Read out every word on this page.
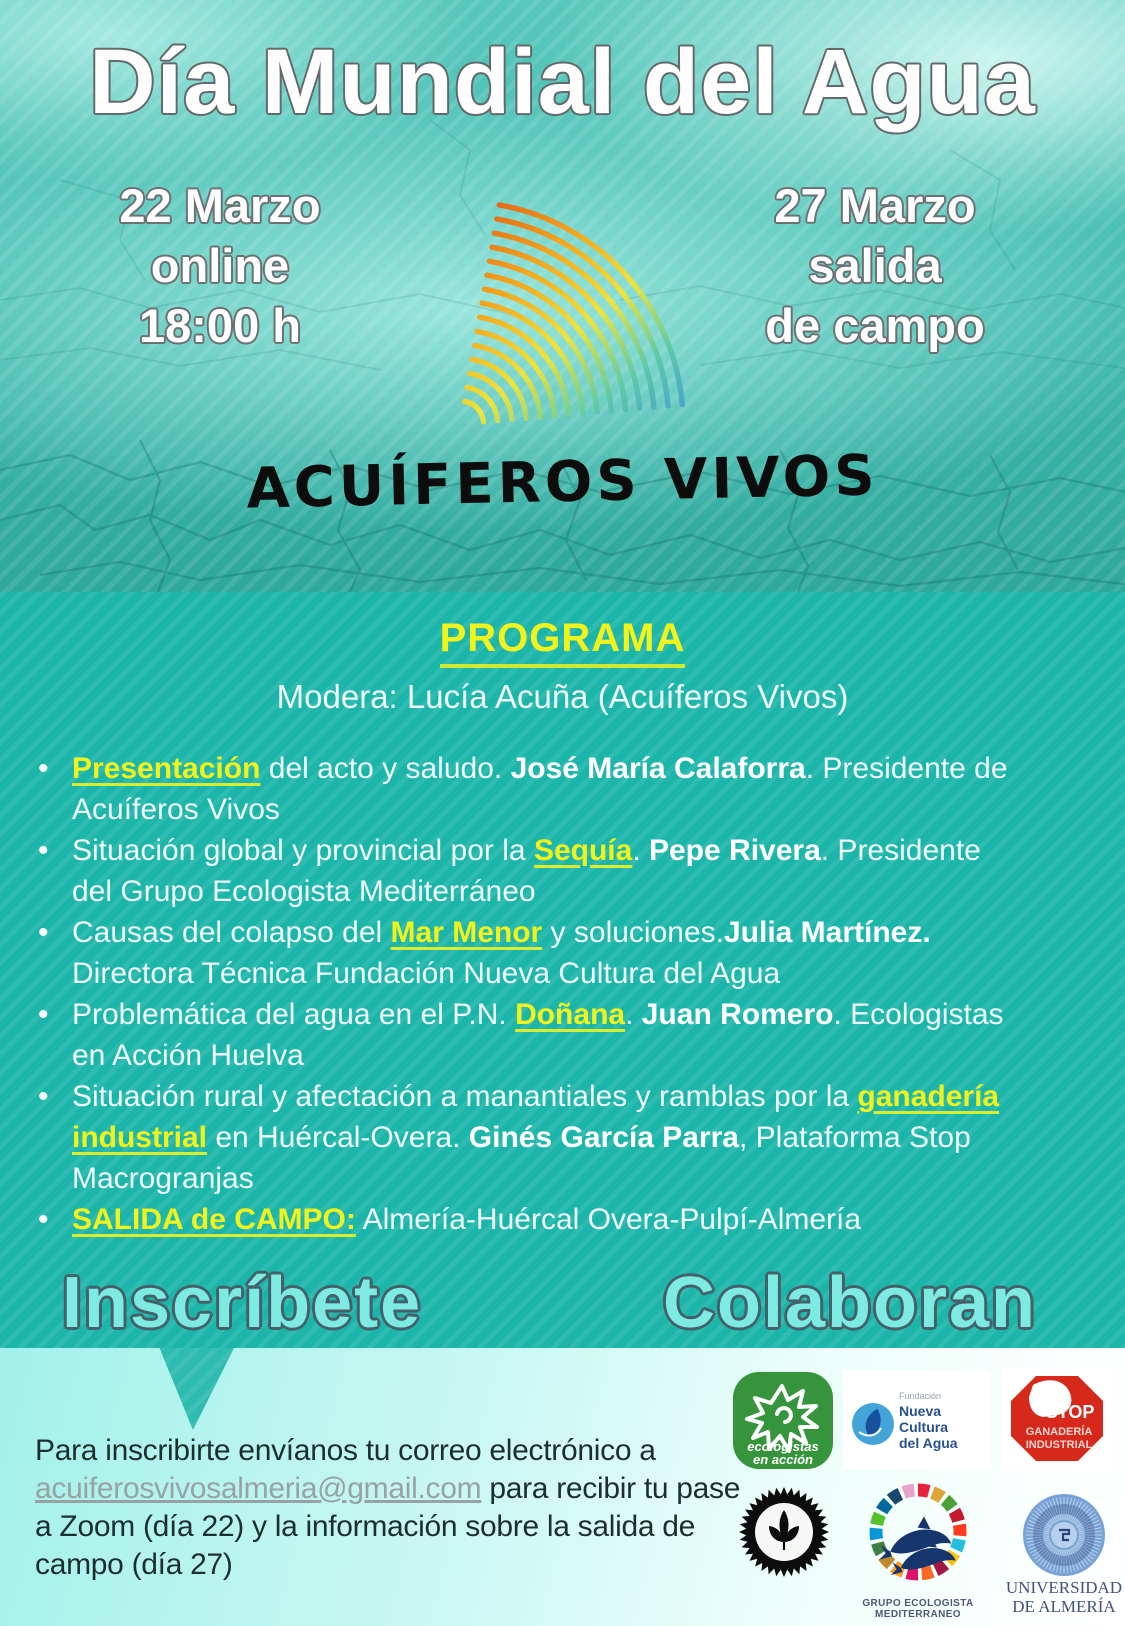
Día Mundial del Agua
22 Marzo
online
18:00 h
27 Marzo
salida
de campo
ACUÍFEROS VIVOS
PROGRAMA
Modera: Lucía Acuña (Acuíferos Vivos)
• Presentación del acto y saludo. José María Calaforra. Presidente de Acuíferos Vivos
• Situación global y provincial por la Sequía. Pepe Rivera. Presidente del Grupo Ecologista Mediterráneo
• Causas del colapso del Mar Menor y soluciones.Julia Martínez. Directora Técnica Fundación Nueva Cultura del Agua
• Problemática del agua en el P.N. Doñana. Juan Romero. Ecologistas en Acción Huelva
• Situación rural y afectación a manantiales y ramblas por la ganadería industrial en Huércal-Overa. Ginés García Parra, Plataforma Stop Macrogranjas
• SALIDA de CAMPO: Almería-Huércal Overa-Pulpí-Almería
Inscríbete	Colaboran

Para inscribirte envíanos tu correo electrónico a acuiferosvivosalmeria@gmail.com para recibir tu pase a Zoom (día 22) y la información sobre la salida de campo (día 27)

ecologistas
en acción
Fundación
Nueva
Cultura
del Agua
STOP
GANADERÍA
INDUSTRIAL
GRUPO ECOLOGISTA MEDITERRANEO
UNIVERSIDAD
DE ALMERÍA
